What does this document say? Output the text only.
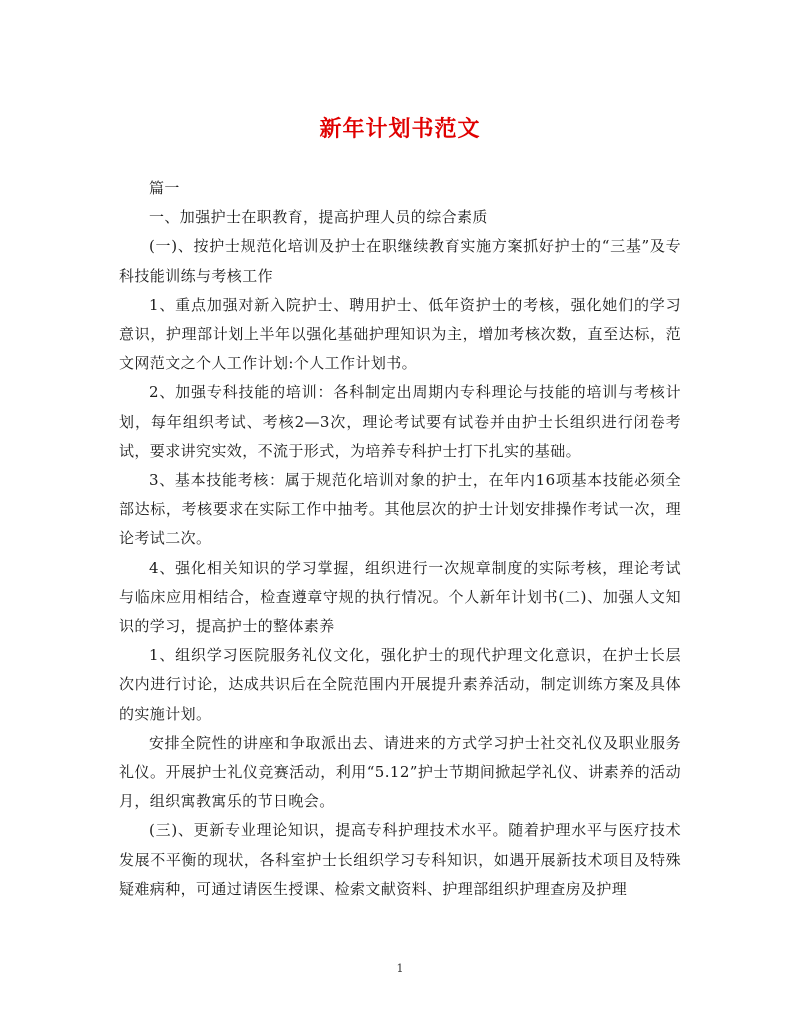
新年计划书范文

篇一

一、加强护士在职教育，提高护理人员的综合素质

(一)、按护士规范化培训及护士在职继续教育实施方案抓好护士的“三基”及专科技能训练与考核工作

1、重点加强对新入院护士、聘用护士、低年资护士的考核，强化她们的学习意识，护理部计划上半年以强化基础护理知识为主，增加考核次数，直至达标，范文网范文之个人工作计划:个人工作计划书。

2、加强专科技能的培训：各科制定出周期内专科理论与技能的培训与考核计划，每年组织考试、考核2—3次，理论考试要有试卷并由护士长组织进行闭卷考试，要求讲究实效，不流于形式，为培养专科护士打下扎实的基础。

3、基本技能考核：属于规范化培训对象的护士，在年内16项基本技能必须全部达标，考核要求在实际工作中抽考。其他层次的护士计划安排操作考试一次，理论考试二次。

4、强化相关知识的学习掌握，组织进行一次规章制度的实际考核，理论考试与临床应用相结合，检查遵章守规的执行情况。个人新年计划书(二)、加强人文知识的学习，提高护士的整体素养

1、组织学习医院服务礼仪文化，强化护士的现代护理文化意识，在护士长层次内进行讨论，达成共识后在全院范围内开展提升素养活动，制定训练方案及具体的实施计划。

安排全院性的讲座和争取派出去、请进来的方式学习护士社交礼仪及职业服务礼仪。开展护士礼仪竞赛活动，利用“5.12”护士节期间掀起学礼仪、讲素养的活动月，组织寓教寓乐的节日晚会。

(三)、更新专业理论知识，提高专科护理技术水平。随着护理水平与医疗技术发展不平衡的现状，各科室护士长组织学习专科知识，如遇开展新技术项目及特殊疑难病种，可通过请医生授课、检索文献资料、护理部组织护理查房及护理

1
